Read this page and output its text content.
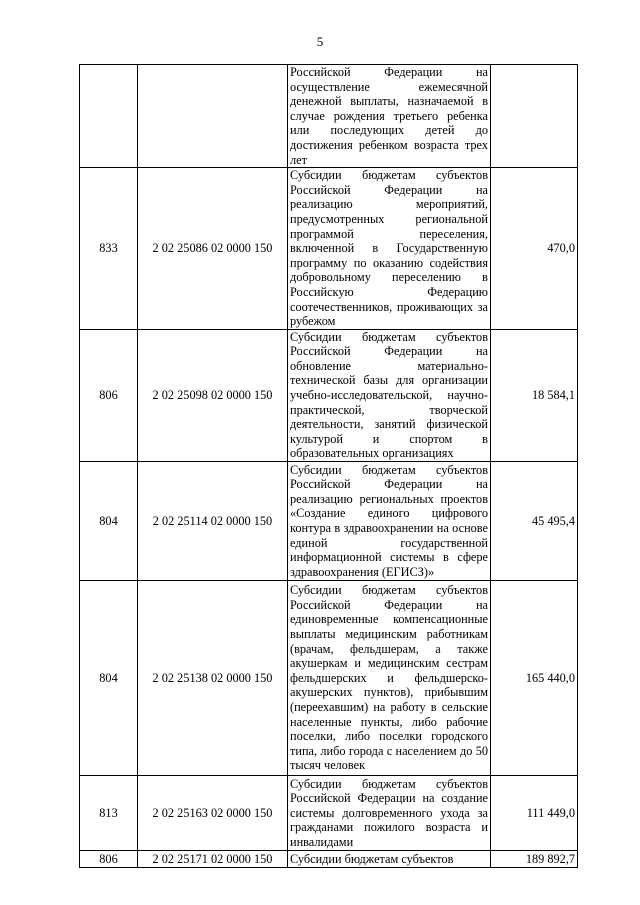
5
		Российской Федерации на осуществление ежемесячной денежной выплаты, назначаемой в случае рождения третьего ребенка или последующих детей до достижения ребенком возраста трех лет	
833	2 02 25086 02 0000 150	Субсидии бюджетам субъектов Российской Федерации на реализацию мероприятий, предусмотренных региональной программой переселения, включенной в Государственную программу по оказанию содействия добровольному переселению в Российскую Федерацию соотечественников, проживающих за рубежом	470,0
806	2 02 25098 02 0000 150	Субсидии бюджетам субъектов Российской Федерации на обновление материально-технической базы для организации учебно-исследовательской, научно-практической, творческой деятельности, занятий физической культурой и спортом в образовательных организациях	18 584,1
804	2 02 25114 02 0000 150	Субсидии бюджетам субъектов Российской Федерации на реализацию региональных проектов «Создание единого цифрового контура в здравоохранении на основе единой государственной информационной системы в сфере здравоохранения (ЕГИСЗ)»	45 495,4
804	2 02 25138 02 0000 150	Субсидии бюджетам субъектов Российской Федерации на единовременные компенсационные выплаты медицинским работникам (врачам, фельдшерам, а также акушеркам и медицинским сестрам фельдшерских и фельдшерско-акушерских пунктов), прибывшим (переехавшим) на работу в сельские населенные пункты, либо рабочие поселки, либо поселки городского типа, либо города с населением до 50 тысяч человек	165 440,0
813	2 02 25163 02 0000 150	Субсидии бюджетам субъектов Российской Федерации на создание системы долговременного ухода за гражданами пожилого возраста и инвалидами	111 449,0
806	2 02 25171 02 0000 150	Субсидии бюджетам субъектов	189 892,7
